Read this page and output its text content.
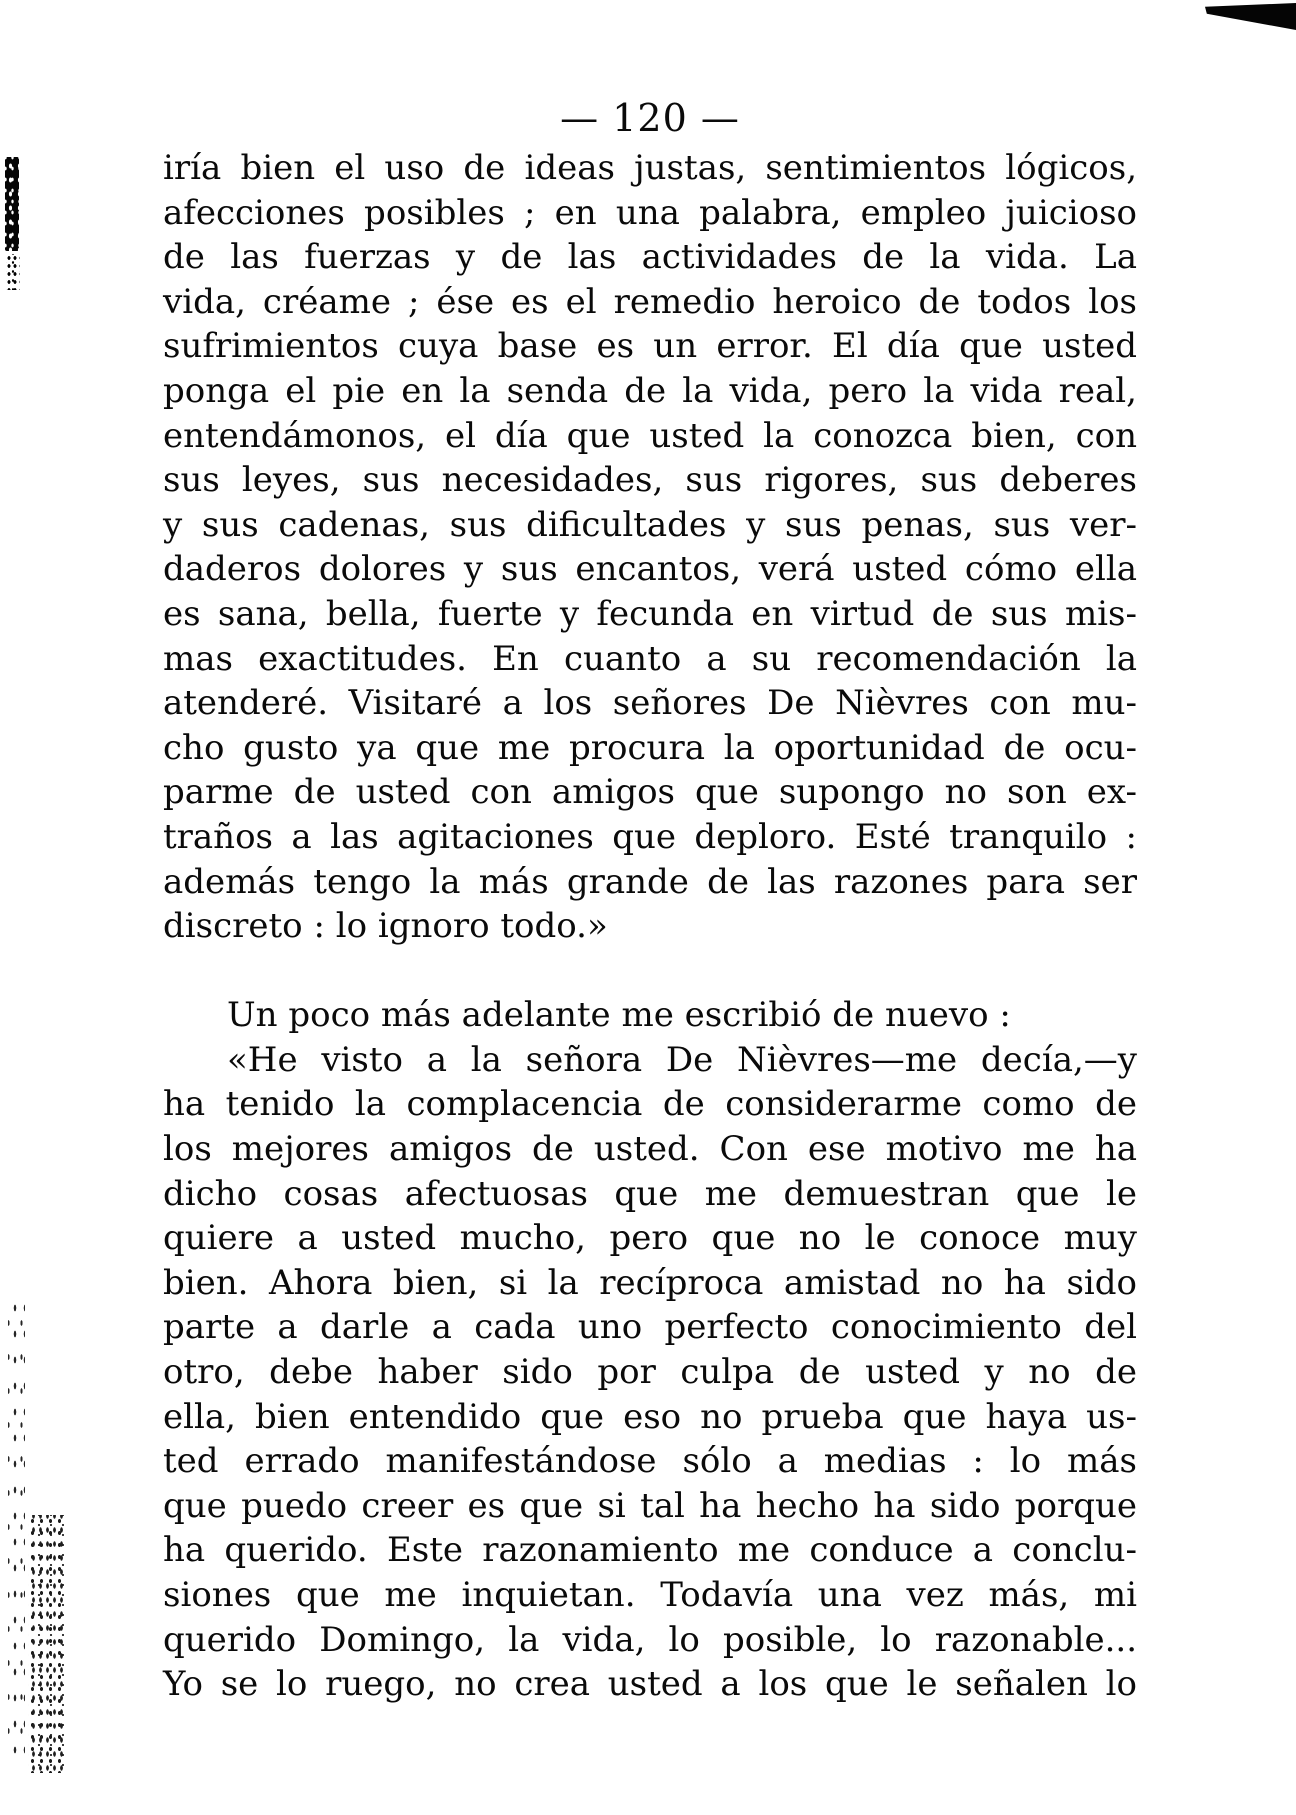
— 120 —

iría bien el uso de ideas justas, sentimientos lógicos,
afecciones posibles ; en una palabra, empleo juicioso
de las fuerzas y de las actividades de la vida. La
vida, créame ; ése es el remedio heroico de todos los
sufrimientos cuya base es un error. El día que usted
ponga el pie en la senda de la vida, pero la vida real,
entendámonos, el día que usted la conozca bien, con
sus leyes, sus necesidades, sus rigores, sus deberes
y sus cadenas, sus dificultades y sus penas, sus ver-
daderos dolores y sus encantos, verá usted cómo ella
es sana, bella, fuerte y fecunda en virtud de sus mis-
mas exactitudes. En cuanto a su recomendación la
atenderé. Visitaré a los señores De Nièvres con mu-
cho gusto ya que me procura la oportunidad de ocu-
parme de usted con amigos que supongo no son ex-
traños a las agitaciones que deploro. Esté tranquilo :
además tengo la más grande de las razones para ser
discreto : lo ignoro todo.»

Un poco más adelante me escribió de nuevo :

«He visto a la señora De Nièvres—me decía,—y
ha tenido la complacencia de considerarme como de
los mejores amigos de usted. Con ese motivo me ha
dicho cosas afectuosas que me demuestran que le
quiere a usted mucho, pero que no le conoce muy
bien. Ahora bien, si la recíproca amistad no ha sido
parte a darle a cada uno perfecto conocimiento del
otro, debe haber sido por culpa de usted y no de
ella, bien entendido que eso no prueba que haya us-
ted errado manifestándose sólo a medias : lo más
que puedo creer es que si tal ha hecho ha sido porque
ha querido. Este razonamiento me conduce a conclu-
siones que me inquietan. Todavía una vez más, mi
querido Domingo, la vida, lo posible, lo razonable...
Yo se lo ruego, no crea usted a los que le señalen lo
